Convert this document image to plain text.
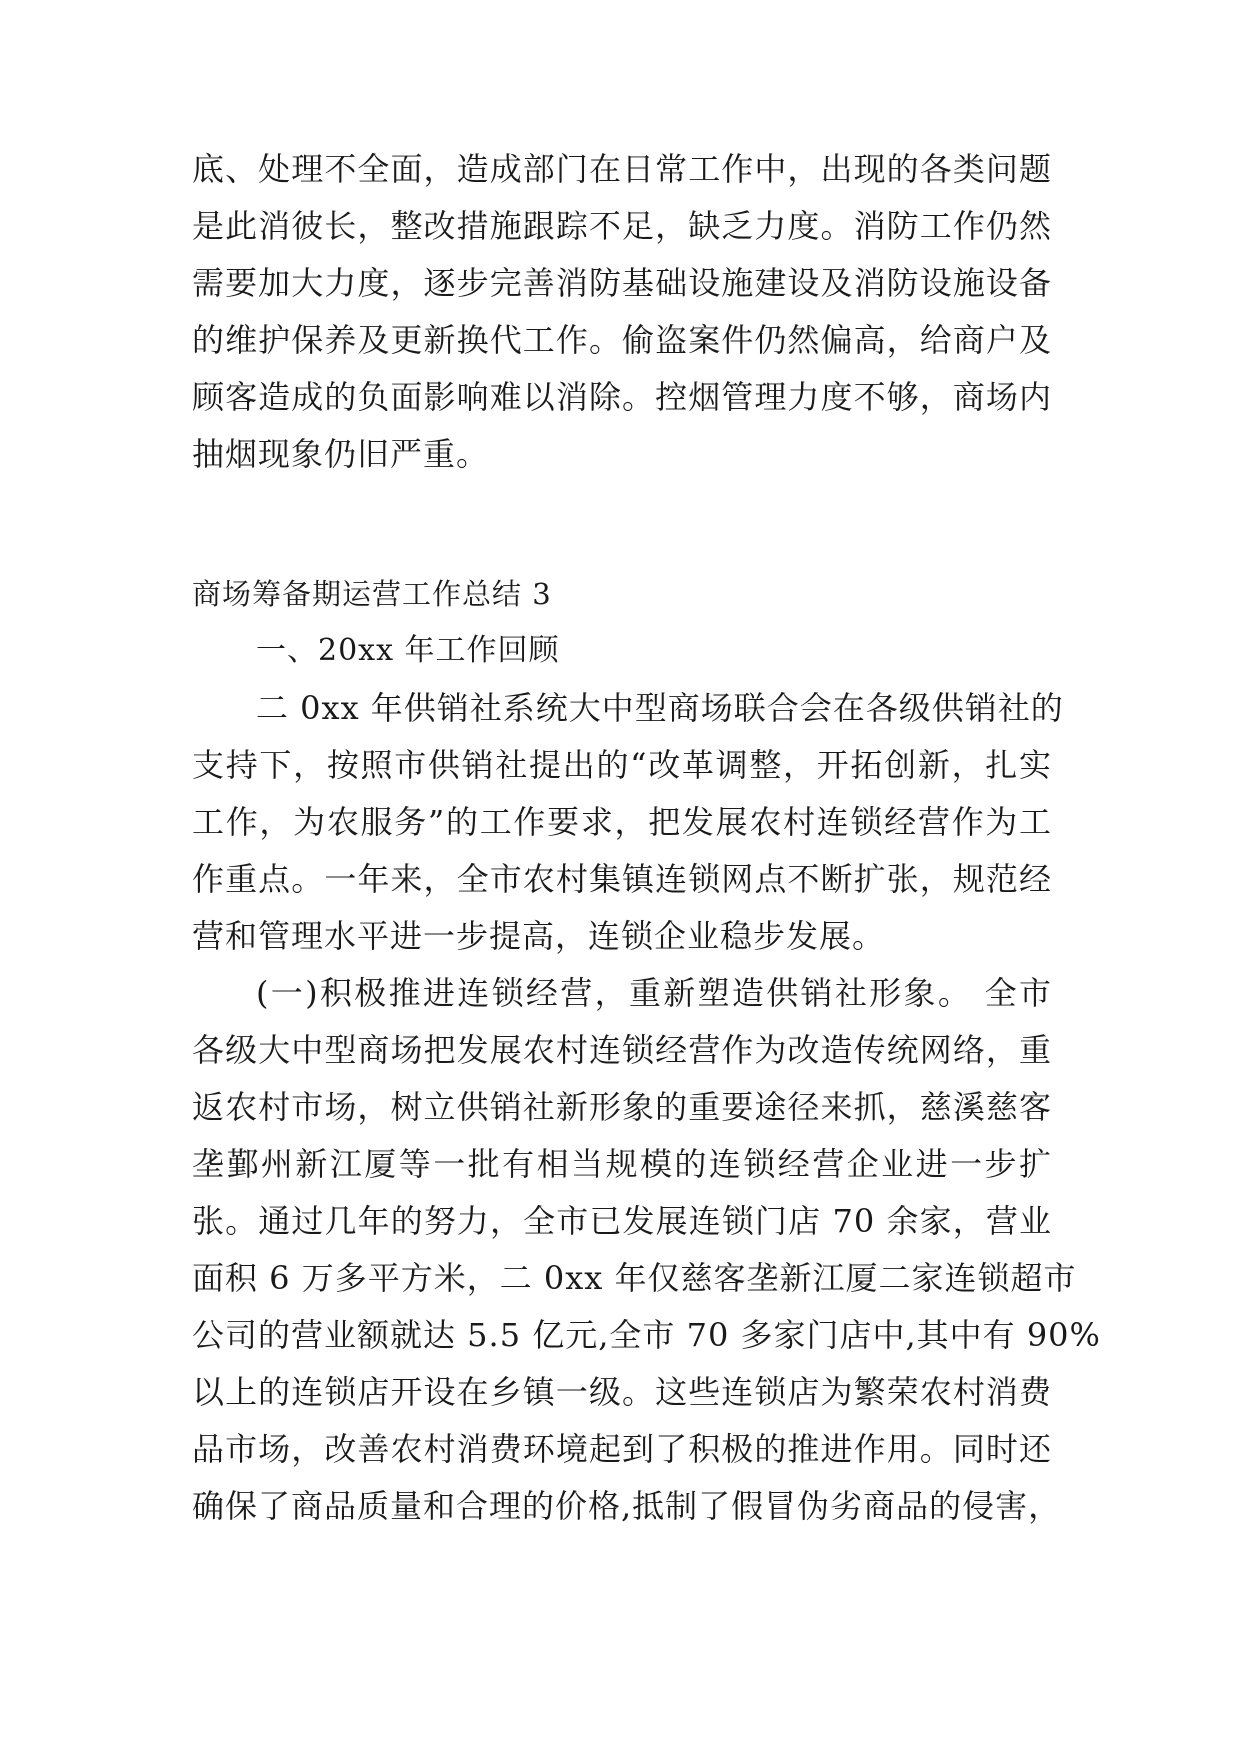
底、处理不全面，造成部门在日常工作中，出现的各类问题
是此消彼长，整改措施跟踪不足，缺乏力度。消防工作仍然
需要加大力度，逐步完善消防基础设施建设及消防设施设备
的维护保养及更新换代工作。偷盗案件仍然偏高，给商户及
顾客造成的负面影响难以消除。控烟管理力度不够，商场内
抽烟现象仍旧严重。
商场筹备期运营工作总结 3
一、20xx 年工作回顾
二 0xx 年供销社系统大中型商场联合会在各级供销社的
支持下，按照市供销社提出的“改革调整，开拓创新，扎实
工作，为农服务”的工作要求，把发展农村连锁经营作为工
作重点。一年来，全市农村集镇连锁网点不断扩张，规范经
营和管理水平进一步提高，连锁企业稳步发展。
(一)积极推进连锁经营，重新塑造供销社形象。 全市
各级大中型商场把发展农村连锁经营作为改造传统网络，重
返农村市场，树立供销社新形象的重要途径来抓，慈溪慈客
垄鄞州新江厦等一批有相当规模的连锁经营企业进一步扩
张。通过几年的努力，全市已发展连锁门店 70 余家，营业
面积 6 万多平方米，二 0xx 年仅慈客垄新江厦二家连锁超市
公司的营业额就达 5.5 亿元,全市 70 多家门店中,其中有 90%
以上的连锁店开设在乡镇一级。这些连锁店为繁荣农村消费
品市场，改善农村消费环境起到了积极的推进作用。同时还
确保了商品质量和合理的价格,抵制了假冒伪劣商品的侵害，
